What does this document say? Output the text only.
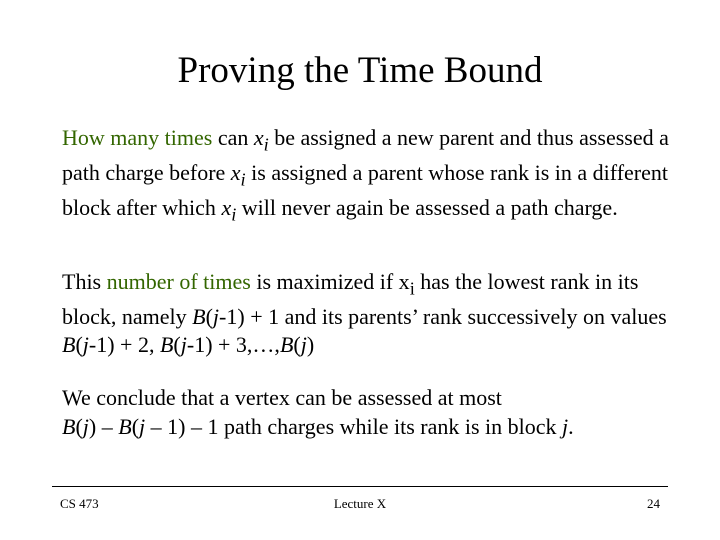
Proving the Time Bound
How many times can $x_i$ be assigned a new parent and thus assessed a path charge before $x_i$ is assigned a parent whose rank is in a different block after which $x_i$ will never again be assessed a path charge.
This number of times is maximized if $x_i$ has the lowest rank in its block, namely B(j-1) + 1 and its parents’ rank successively on values B(j-1) + 2, B(j-1) + 3,…,B(j)
We conclude that a vertex can be assessed at most
B(j) – B(j – 1) – 1 path charges while its rank is in block j.
CS 473	Lecture X	24
